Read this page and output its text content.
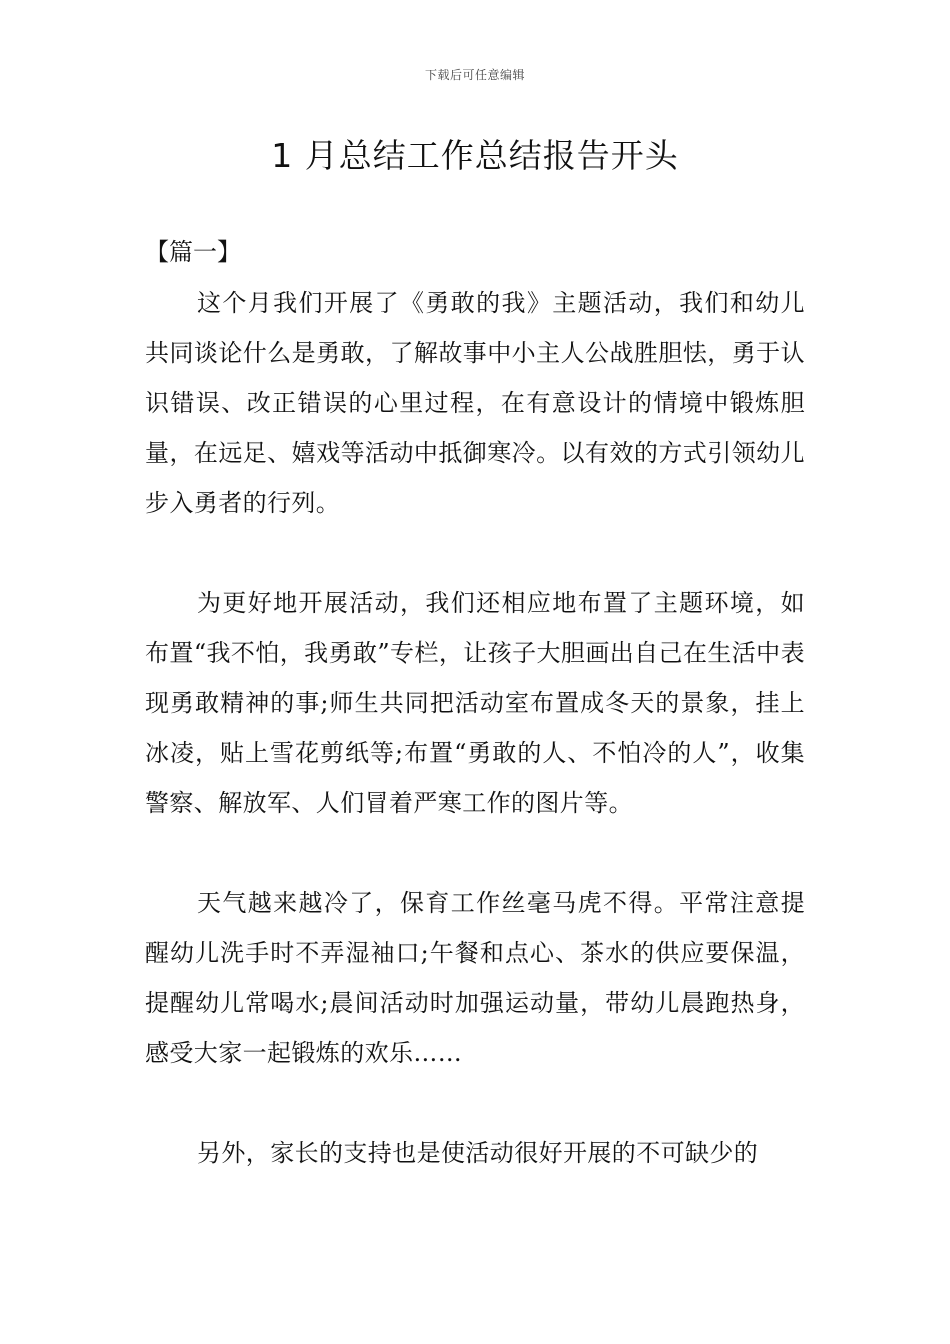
下载后可任意编辑
1 月总结工作总结报告开头
【篇一】

这个月我们开展了《勇敢的我》主题活动，我们和幼儿共同谈论什么是勇敢，了解故事中小主人公战胜胆怯，勇于认识错误、改正错误的心里过程，在有意设计的情境中锻炼胆量，在远足、嬉戏等活动中抵御寒冷。以有效的方式引领幼儿步入勇者的行列。

为更好地开展活动，我们还相应地布置了主题环境，如布置“我不怕，我勇敢”专栏，让孩子大胆画出自己在生活中表现勇敢精神的事;师生共同把活动室布置成冬天的景象，挂上冰凌，贴上雪花剪纸等;布置“勇敢的人、不怕冷的人”，收集警察、解放军、人们冒着严寒工作的图片等。

天气越来越冷了，保育工作丝毫马虎不得。平常注意提醒幼儿洗手时不弄湿袖口;午餐和点心、茶水的供应要保温，提醒幼儿常喝水;晨间活动时加强运动量，带幼儿晨跑热身，感受大家一起锻炼的欢乐……

另外，家长的支持也是使活动很好开展的不可缺少的
